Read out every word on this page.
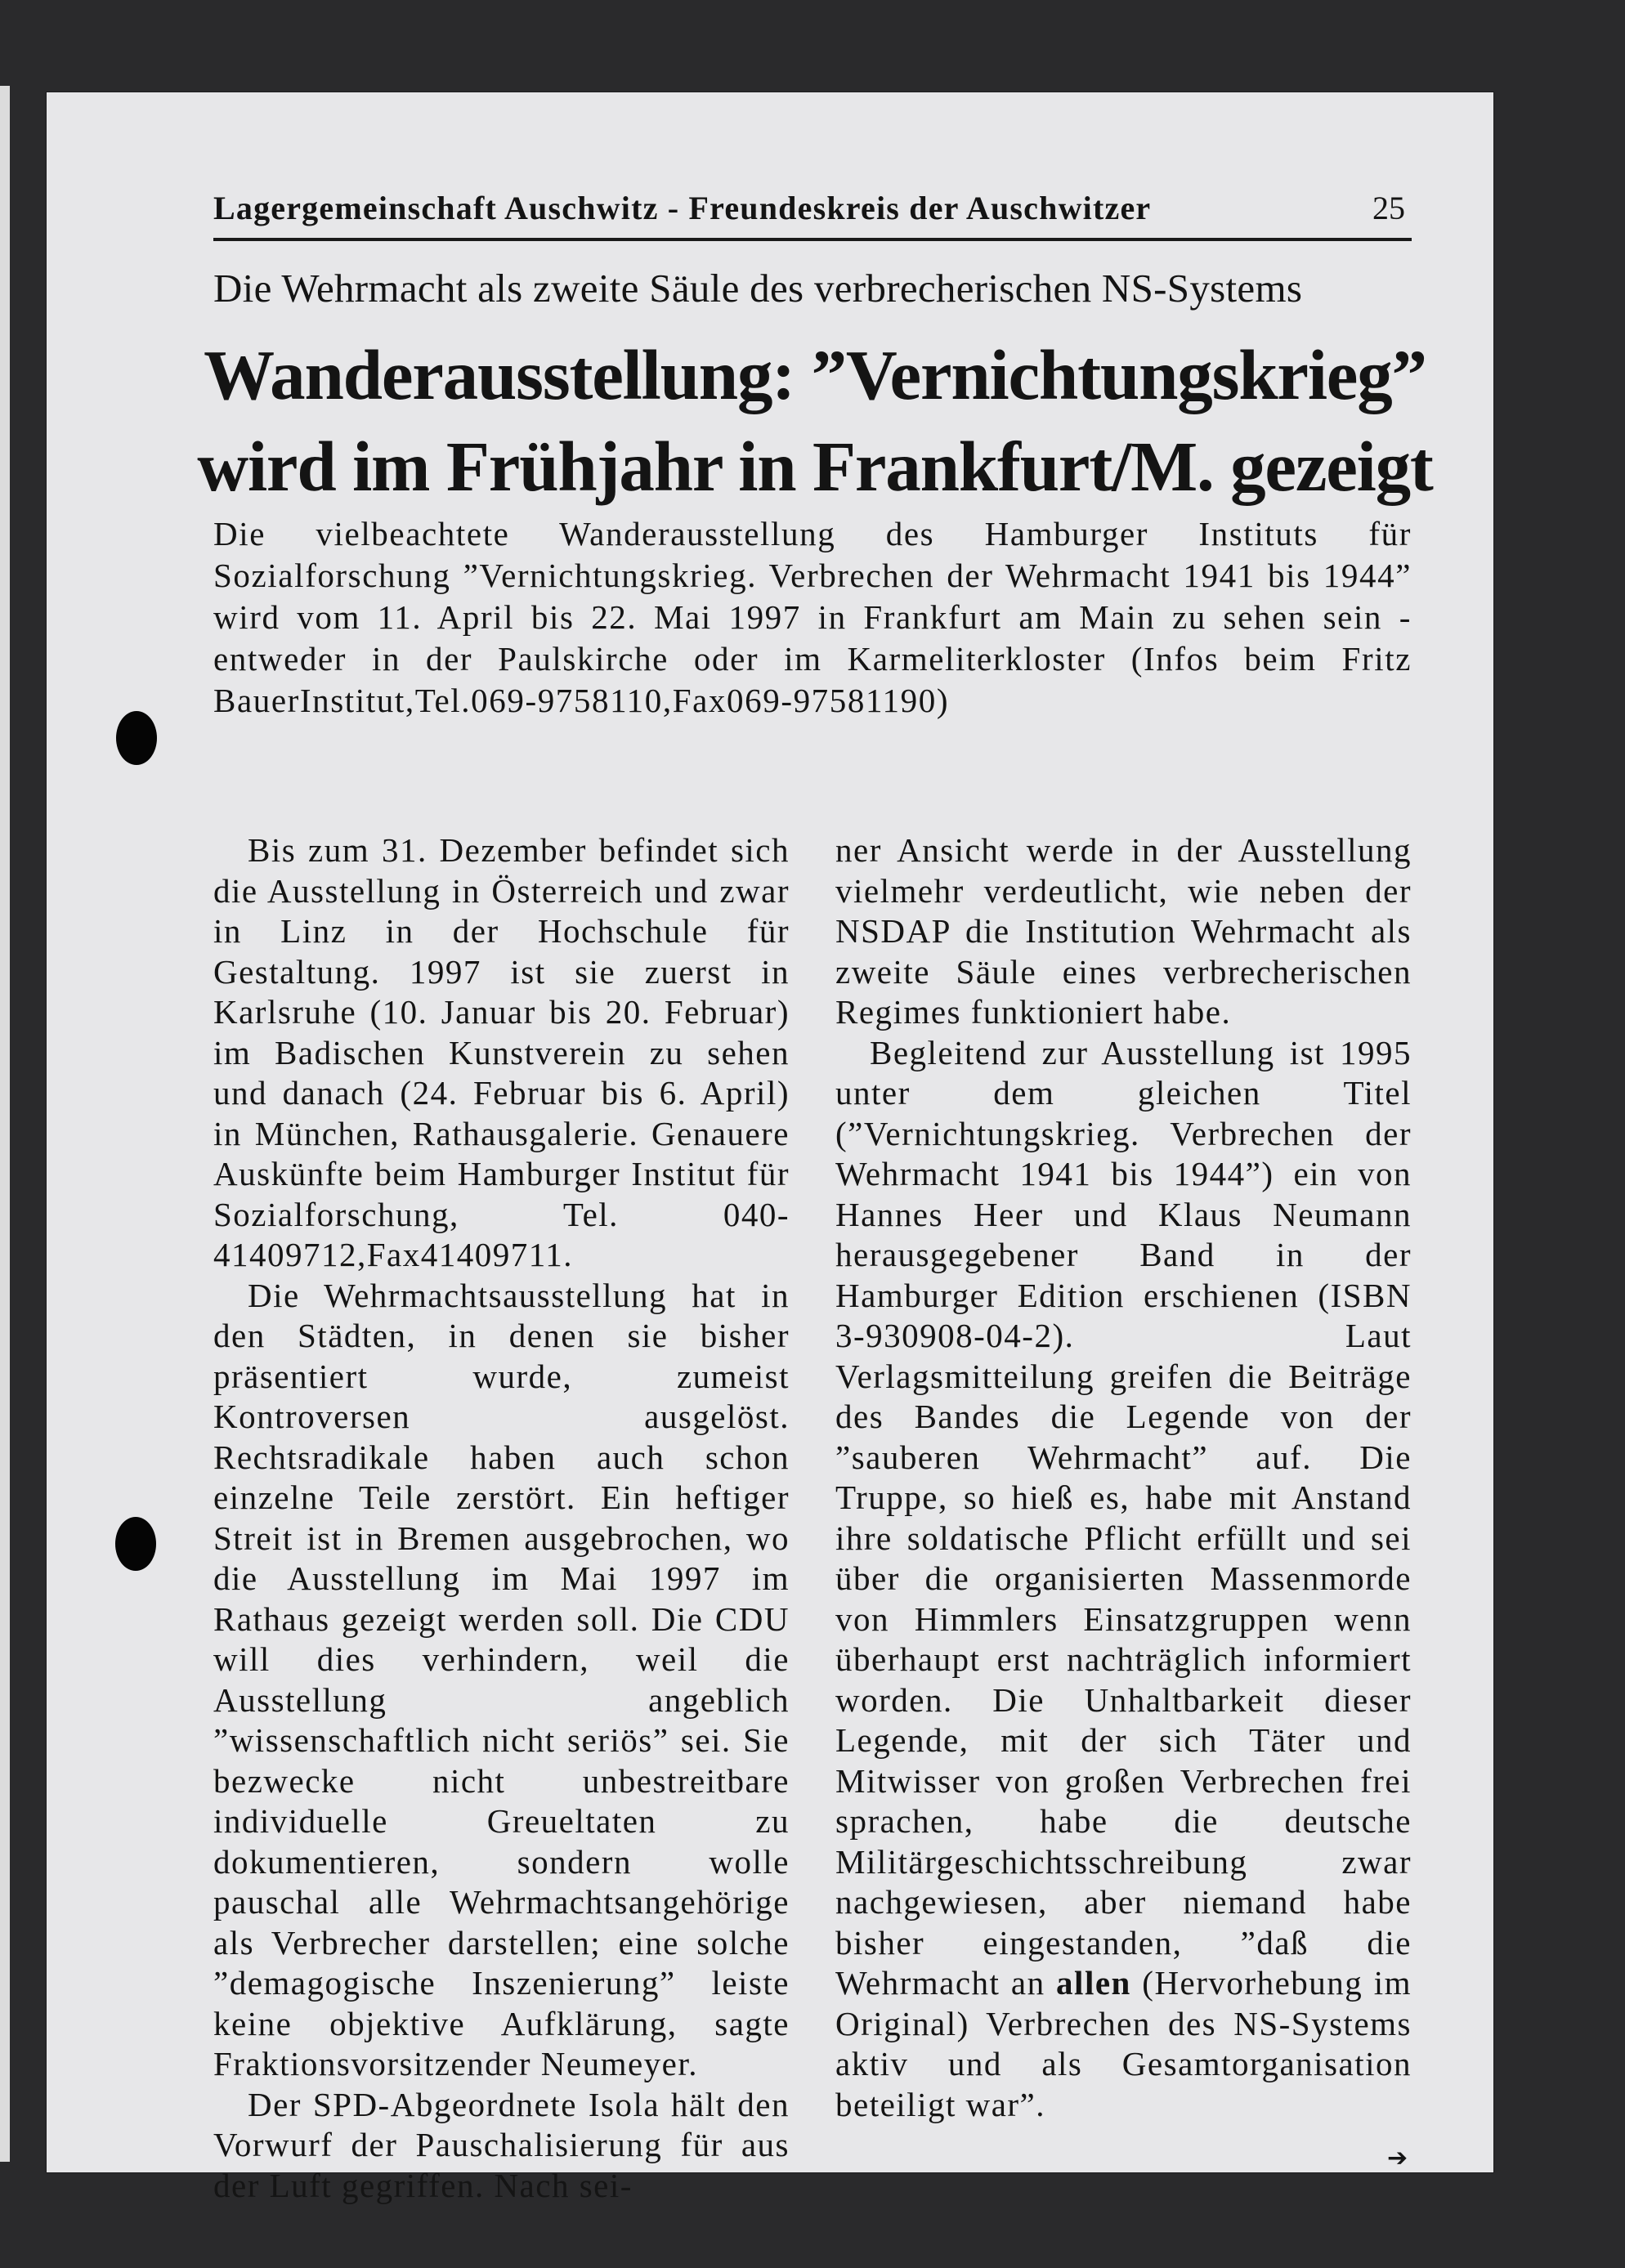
Lagergemeinschaft Auschwitz - Freundeskreis der Auschwitzer	25
Die Wehrmacht als zweite Säule des verbrecherischen NS-Systems
Wanderausstellung: ”Vernichtungskrieg”
wird im Frühjahr in Frankfurt/M. gezeigt
Die vielbeachtete Wanderausstellung des Hamburger Instituts für Sozialforschung ”Vernichtungskrieg. Verbrechen der Wehrmacht 1941 bis 1944” wird vom 11. April bis 22. Mai 1997 in Frankfurt am Main zu sehen sein - entweder in der Paulskirche oder im Karmeliterkloster (Infos beim Fritz BauerInstitut,Tel.069-9758110,Fax069-97581190)

Bis zum 31. Dezember befindet sich die Ausstellung in Österreich und zwar in Linz in der Hochschule für Gestaltung. 1997 ist sie zuerst in Karlsruhe (10. Januar bis 20. Februar) im Badischen Kunstverein zu sehen und danach (24. Februar bis 6. April) in München, Rathausgalerie. Genauere Auskünfte beim Hamburger Institut für Sozialforschung, Tel. 040-41409712,Fax41409711.

Die Wehrmachtsausstellung hat in den Städten, in denen sie bisher präsentiert wurde, zumeist Kontroversen ausgelöst. Rechtsradikale haben auch schon einzelne Teile zerstört. Ein heftiger Streit ist in Bremen ausgebrochen, wo die Ausstellung im Mai 1997 im Rathaus gezeigt werden soll. Die CDU will dies verhindern, weil die Ausstellung angeblich ”wissenschaftlich nicht seriös” sei. Sie bezwecke nicht unbestreitbare individuelle Greueltaten zu dokumentieren, sondern wolle pauschal alle Wehrmachtsangehörige als Verbrecher darstellen; eine solche ”demagogische Inszenierung” leiste keine objektive Aufklärung, sagte Fraktionsvorsitzender Neumeyer.

Der SPD-Abgeordnete Isola hält den Vorwurf der Pauschalisierung für aus der Luft gegriffen. Nach sei-

ner Ansicht werde in der Ausstellung vielmehr verdeutlicht, wie neben der NSDAP die Institution Wehrmacht als zweite Säule eines verbrecherischen Regimes funktioniert habe.

Begleitend zur Ausstellung ist 1995 unter dem gleichen Titel (”Vernichtungskrieg. Verbrechen der Wehrmacht 1941 bis 1944”) ein von Hannes Heer und Klaus Neumann herausgegebener Band in der Hamburger Edition erschienen (ISBN 3-930908-04-2). Laut Verlagsmitteilung greifen die Beiträge des Bandes die Legende von der ”sauberen Wehrmacht” auf. Die Truppe, so hieß es, habe mit Anstand ihre soldatische Pflicht erfüllt und sei über die organisierten Massenmorde von Himmlers Einsatzgruppen wenn überhaupt erst nachträglich informiert worden. Die Unhaltbarkeit dieser Legende, mit der sich Täter und Mitwisser von großen Verbrechen frei sprachen, habe die deutsche Militärgeschichtsschreibung zwar nachgewiesen, aber niemand habe bisher eingestanden, ”daß die Wehrmacht an allen (Hervorhebung im Original) Verbrechen des NS-Systems aktiv und als Gesamtorganisation beteiligt war”.

➔
